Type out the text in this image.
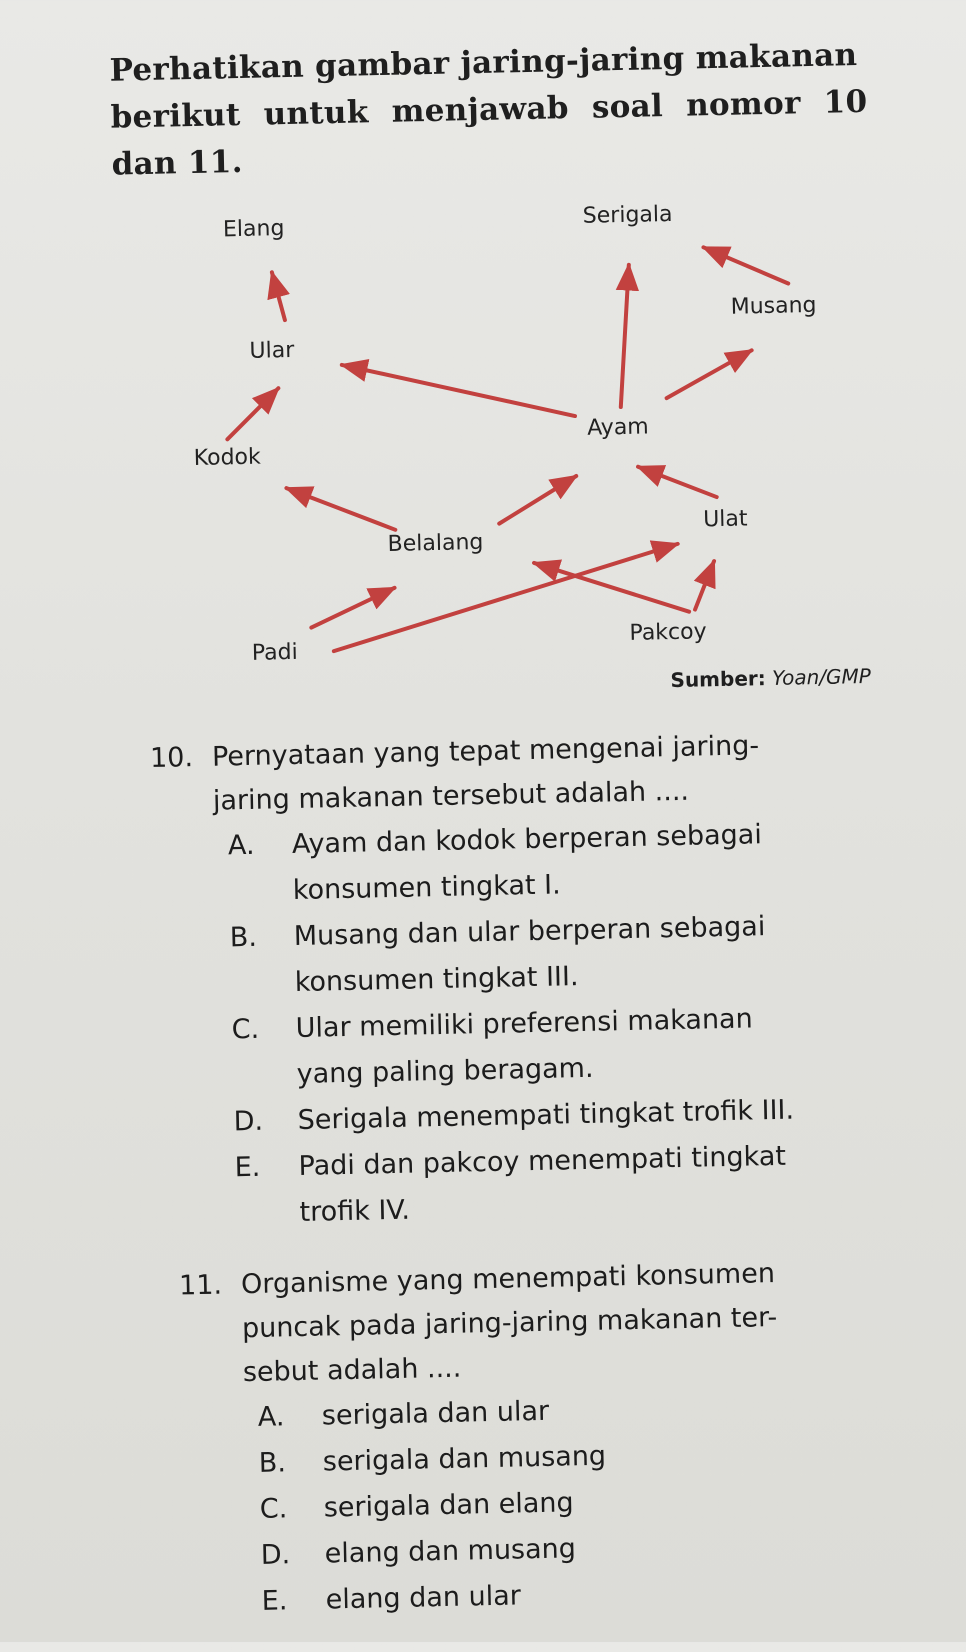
Perhatikan gambar jaring-jaring makanan
berikut untuk menjawab soal nomor 10
dan 11.
Elang
Serigala
Musang
Ular
Ayam
Kodok
Ulat
Belalang
Padi
Pakcoy
Sumber: Yoan/GMP
10. Pernyataan yang tepat mengenai jaring-
jaring makanan tersebut adalah ....
A. Ayam dan kodok berperan sebagai
konsumen tingkat I.
B. Musang dan ular berperan sebagai
konsumen tingkat III.
C. Ular memiliki preferensi makanan
yang paling beragam.
D. Serigala menempati tingkat trofik III.
E. Padi dan pakcoy menempati tingkat
trofik IV.
11. Organisme yang menempati konsumen
puncak pada jaring-jaring makanan ter-
sebut adalah ....
A. serigala dan ular
B. serigala dan musang
C. serigala dan elang
D. elang dan musang
E. elang dan ular
